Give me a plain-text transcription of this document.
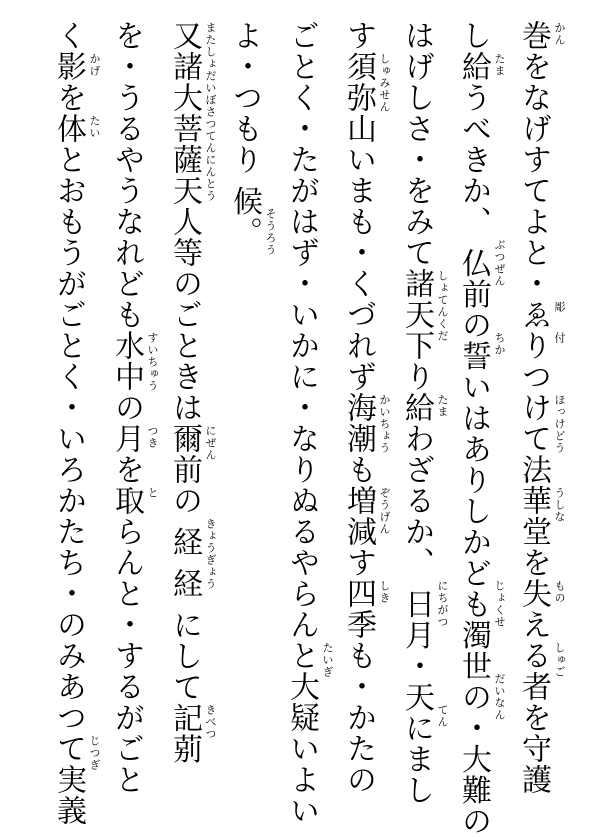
巻をなげすてよと・ゑりつけて法華堂を失える者を守護 かん
彫
付
ほっけどう
うしな
もの
しゅご
し給うべきか、 仏前の誓いはありしかども濁世の・大難の たま
ぶつぜん
ちか
じょくせ
だいなん
はげしさ・をみて諸天下り給わざるか、 日月・天にまし しょてんくだ
たま
にちがつ
てん
す須弥山いまも・くづれず海潮も増減す四季も・かたの しゅみせん
かいちょう
ぞうげん
しき
ごとく・たがはず・いかに・なりぬるやらんと大疑いよい たいぎ
よ・つもり 候。 そうろう
又諸大菩薩天人等のごときは爾前の 経 経 にして記莂 またしょだいぼさつてんにんとう
にぜん
きょうぎょう
きべつ
を・うるやうなれども水中の月を取らんと・するがごと すいちゅう
つき
と
く影を体とおもうがごとく・いろかたち・のみあつて実義 かげ
たい
じつぎ
